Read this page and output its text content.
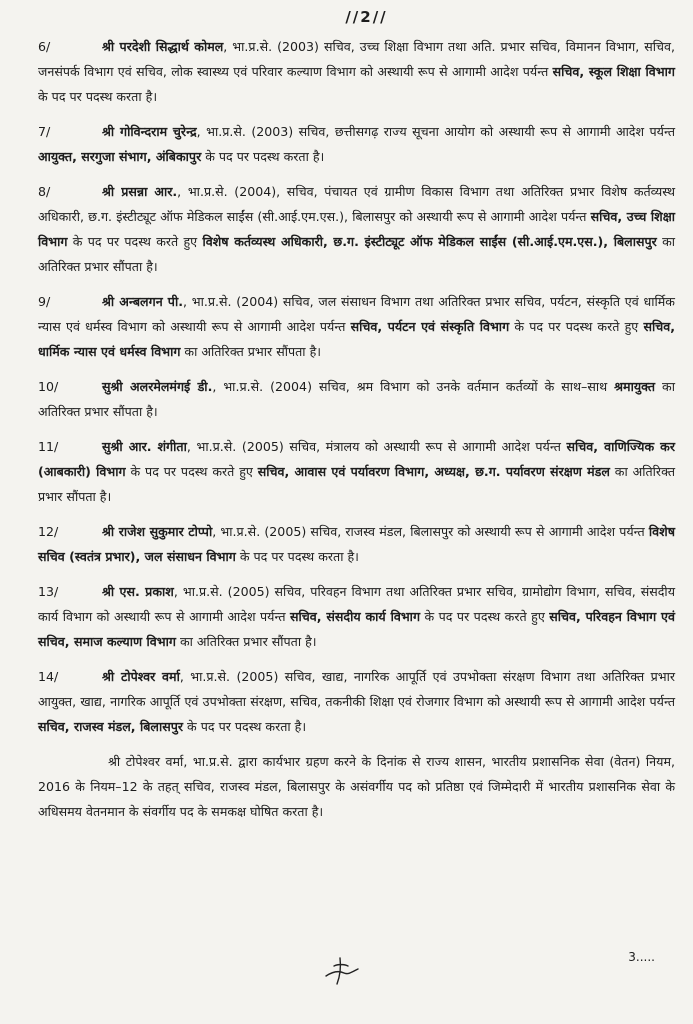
//2//

6/	श्री परदेशी सिद्धार्थ कोमल, भा.प्र.से. (2003) सचिव, उच्च शिक्षा विभाग तथा अति. प्रभार सचिव, विमानन विभाग, सचिव, जनसंपर्क विभाग एवं सचिव, लोक स्वास्थ्य एवं परिवार कल्याण विभाग को अस्थायी रूप से आगामी आदेश पर्यन्त सचिव, स्कूल शिक्षा विभाग के पद पर पदस्थ करता है।

7/	श्री गोविन्दराम चुरेन्द्र, भा.प्र.से. (2003) सचिव, छत्तीसगढ़ राज्य सूचना आयोग को अस्थायी रूप से आगामी आदेश पर्यन्त आयुक्त, सरगुजा संभाग, अंबिकापुर के पद पर पदस्थ करता है।

8/	श्री प्रसन्ना आर., भा.प्र.से. (2004), सचिव, पंचायत एवं ग्रामीण विकास विभाग तथा अतिरिक्त प्रभार विशेष कर्तव्यस्थ अधिकारी, छ.ग. इंस्टीट्यूट ऑफ मेडिकल साईंस (सी.आई.एम.एस.), बिलासपुर को अस्थायी रूप से आगामी आदेश पर्यन्त सचिव, उच्च शिक्षा विभाग के पद पर पदस्थ करते हुए विशेष कर्तव्यस्थ अधिकारी, छ.ग. इंस्टीट्यूट ऑफ मेडिकल साईंस (सी.आई.एम.एस.), बिलासपुर का अतिरिक्त प्रभार सौंपता है।

9/	श्री अन्बलगन पी., भा.प्र.से. (2004) सचिव, जल संसाधन विभाग तथा अतिरिक्त प्रभार सचिव, पर्यटन, संस्कृति एवं धार्मिक न्यास एवं धर्मस्व विभाग को अस्थायी रूप से आगामी आदेश पर्यन्त सचिव, पर्यटन एवं संस्कृति विभाग के पद पर पदस्थ करते हुए सचिव, धार्मिक न्यास एवं धर्मस्व विभाग का अतिरिक्त प्रभार सौंपता है।

10/	सुश्री अलरमेलमंगई डी., भा.प्र.से. (2004) सचिव, श्रम विभाग को उनके वर्तमान कर्तव्यों के साथ–साथ श्रमायुक्त का अतिरिक्त प्रभार सौंपता है।

11/	सुश्री आर. शंगीता, भा.प्र.से. (2005) सचिव, मंत्रालय को अस्थायी रूप से आगामी आदेश पर्यन्त सचिव, वाणिज्यिक कर (आबकारी) विभाग के पद पर पदस्थ करते हुए सचिव, आवास एवं पर्यावरण विभाग, अध्यक्ष, छ.ग. पर्यावरण संरक्षण मंडल का अतिरिक्त प्रभार सौंपता है।

12/	श्री राजेश सुकुमार टोप्पो, भा.प्र.से. (2005) सचिव, राजस्व मंडल, बिलासपुर को अस्थायी रूप से आगामी आदेश पर्यन्त विशेष सचिव (स्वतंत्र प्रभार), जल संसाधन विभाग के पद पर पदस्थ करता है।

13/	श्री एस. प्रकाश, भा.प्र.से. (2005) सचिव, परिवहन विभाग तथा अतिरिक्त प्रभार सचिव, ग्रामोद्योग विभाग, सचिव, संसदीय कार्य विभाग को अस्थायी रूप से आगामी आदेश पर्यन्त सचिव, संसदीय कार्य विभाग के पद पर पदस्थ करते हुए सचिव, परिवहन विभाग एवं सचिव, समाज कल्याण विभाग का अतिरिक्त प्रभार सौंपता है।

14/	श्री टोपेश्वर वर्मा, भा.प्र.से. (2005) सचिव, खाद्य, नागरिक आपूर्ति एवं उपभोक्ता संरक्षण विभाग तथा अतिरिक्त प्रभार आयुक्त, खाद्य, नागरिक आपूर्ति एवं उपभोक्ता संरक्षण, सचिव, तकनीकी शिक्षा एवं रोजगार विभाग को अस्थायी रूप से आगामी आदेश पर्यन्त सचिव, राजस्व मंडल, बिलासपुर के पद पर पदस्थ करता है।

श्री टोपेश्वर वर्मा, भा.प्र.से. द्वारा कार्यभार ग्रहण करने के दिनांक से राज्य शासन, भारतीय प्रशासनिक सेवा (वेतन) नियम, 2016 के नियम–12 के तहत् सचिव, राजस्व मंडल, बिलासपुर के असंवर्गीय पद को प्रतिष्ठा एवं जिम्मेदारी में भारतीय प्रशासनिक सेवा के अधिसमय वेतनमान के संवर्गीय पद के समकक्ष घोषित करता है।

3.....
